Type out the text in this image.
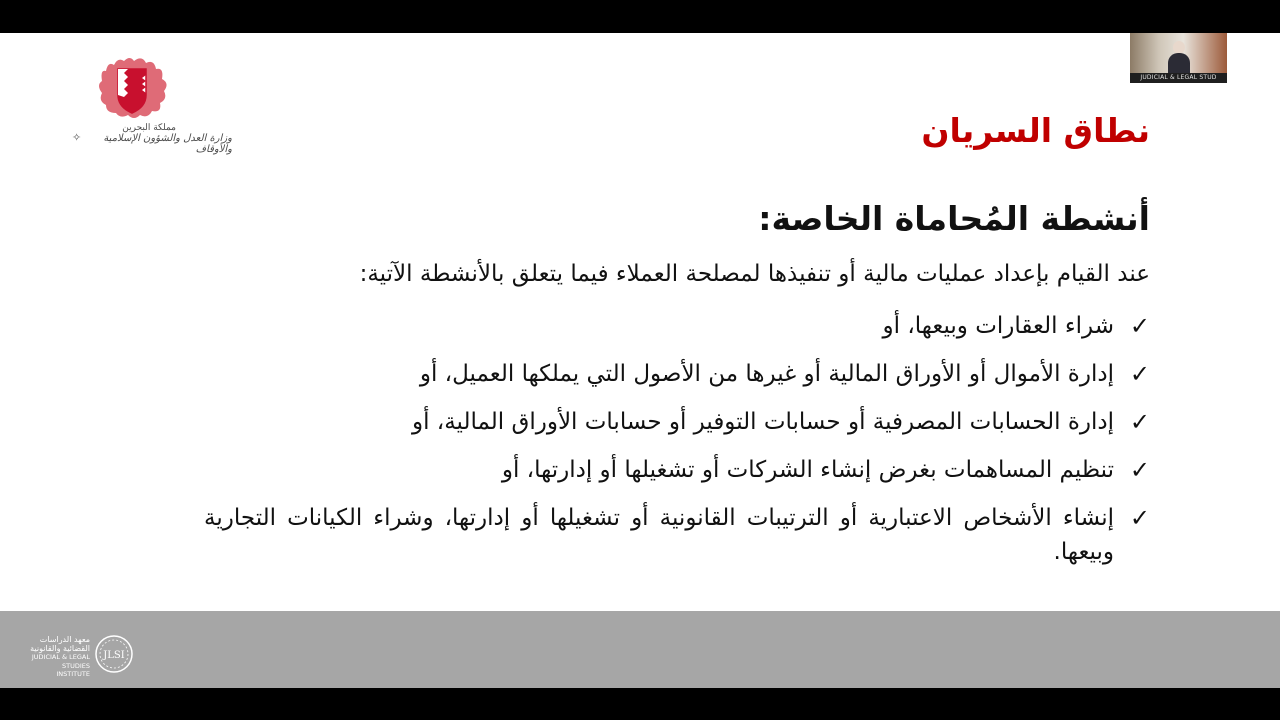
✧
مملكة البحرين
وزارة العدل والشؤون الإسلامية والأوقاف	نطاق السريان
أنشطة المُحاماة الخاصة:

عند القيام بإعداد عمليات مالية أو تنفيذها لمصلحة العملاء فيما يتعلق بالأنشطة الآتية:

✓
شراء العقارات وبيعها، أو
✓
إدارة الأموال أو الأوراق المالية أو غيرها من الأصول التي يملكها العميل، أو
✓
إدارة الحسابات المصرفية أو حسابات التوفير أو حسابات الأوراق المالية، أو
✓
تنظيم المساهمات بغرض إنشاء الشركات أو تشغيلها أو إدارتها، أو
✓
إنشاء الأشخاص الاعتبارية أو الترتيبات القانونية أو تشغيلها أو إدارتها، وشراء الكيانات التجارية وبيعها.
JUDICIAL & LEGAL STUD
معهد الدراسات
القضائية والقانونية
JUDICIAL & LEGAL
STUDIES INSTITUTE
JLSI
